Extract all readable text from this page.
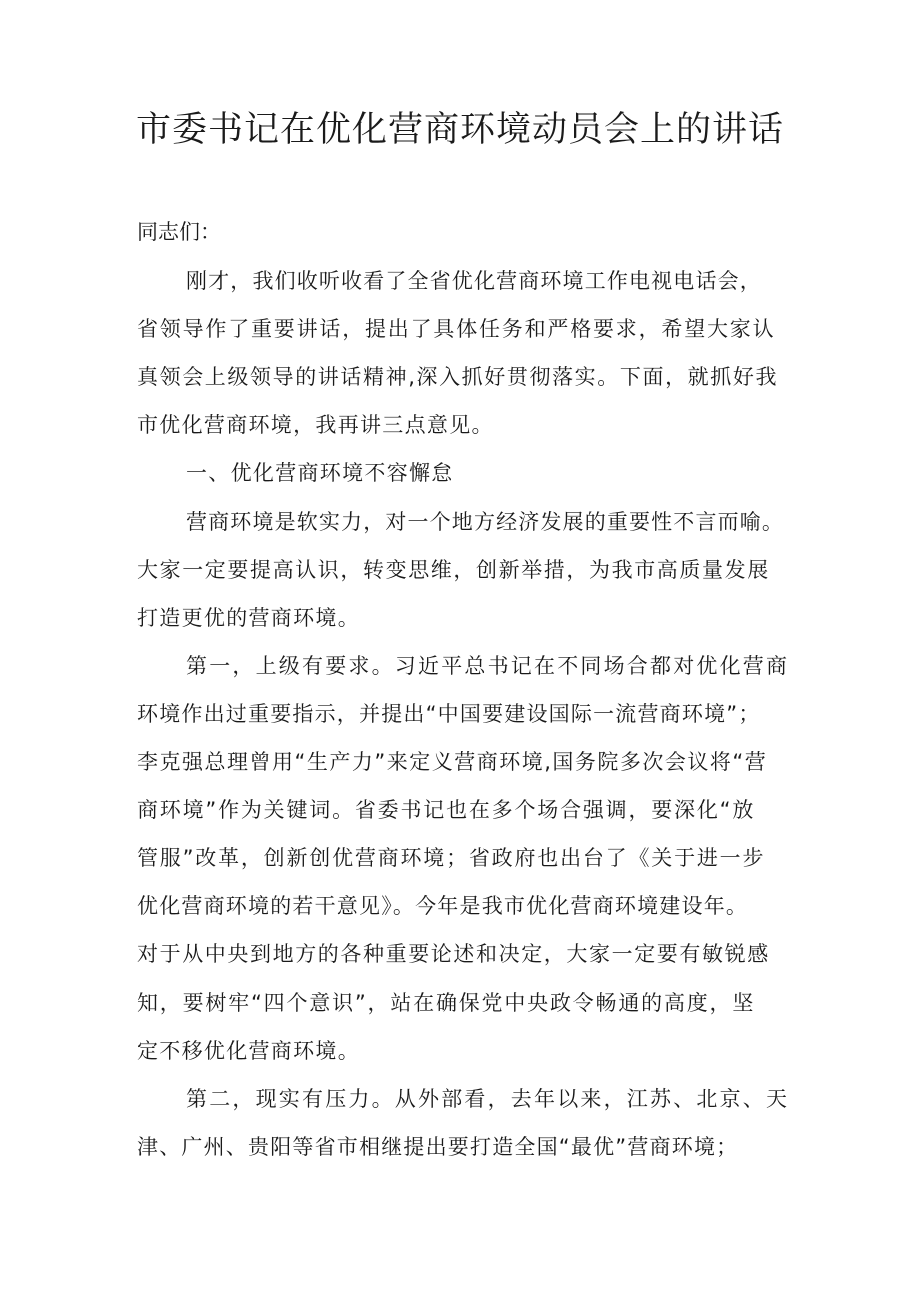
市委书记在优化营商环境动员会上的讲话

同志们：

刚才，我们收听收看了全省优化营商环境工作电视电话会，

省领导作了重要讲话，提出了具体任务和严格要求，希望大家认

真领会上级领导的讲话精神,深入抓好贯彻落实。下面，就抓好我

市优化营商环境，我再讲三点意见。

一、优化营商环境不容懈怠

营商环境是软实力，对一个地方经济发展的重要性不言而喻。

大家一定要提高认识，转变思维，创新举措，为我市高质量发展

打造更优的营商环境。

第一，上级有要求。习近平总书记在不同场合都对优化营商

环境作出过重要指示，并提出“中国要建设国际一流营商环境”；

李克强总理曾用“生产力”来定义营商环境,国务院多次会议将“营

商环境”作为关键词。省委书记也在多个场合强调，要深化“放

管服”改革，创新创优营商环境；省政府也出台了《关于进一步

优化营商环境的若干意见》。今年是我市优化营商环境建设年。

对于从中央到地方的各种重要论述和决定，大家一定要有敏锐感

知，要树牢“四个意识”，站在确保党中央政令畅通的高度，坚

定不移优化营商环境。

第二，现实有压力。从外部看，去年以来，江苏、北京、天

津、广州、贵阳等省市相继提出要打造全国“最优”营商环境；
